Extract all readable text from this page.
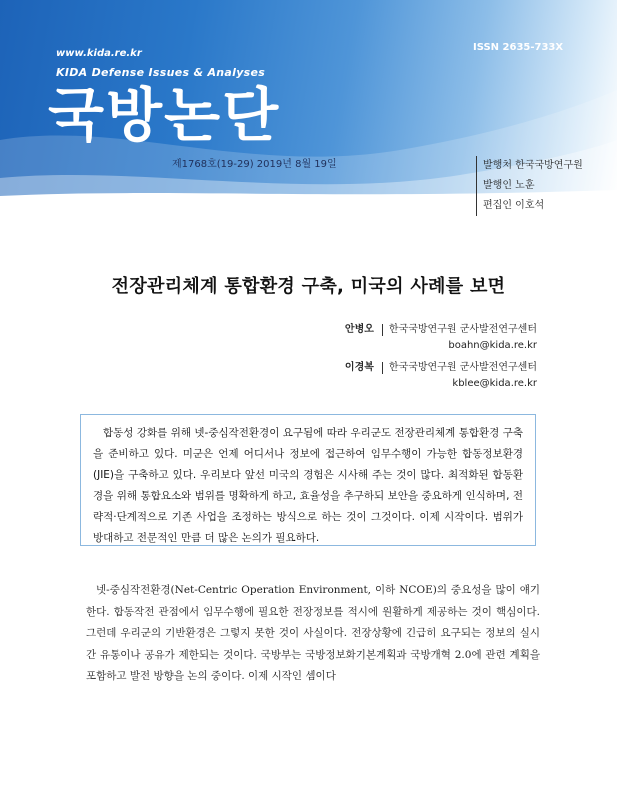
www.kida.re.kr
KIDA Defense Issues & Analyses
국방논단
ISSN 2635-733X
제1768호(19-29) 2019년 8월 19일	발행처 한국국방연구원
발행인 노훈
편집인 이호석
전장관리체계 통합환경 구축, 미국의 사례를 보면
안병오 한국국방연구원 군사발전연구센터
boahn@kida.re.kr
이경복 한국국방연구원 군사발전연구센터
kblee@kida.re.kr

합동성 강화를 위해 넷-중심작전환경이 요구됨에 따라 우리군도 전장관리체계 통합환경 구축을 준비하고 있다. 미군은 언제 어디서나 정보에 접근하여 임무수행이 가능한 합동정보환경(JIE)을 구축하고 있다. 우리보다 앞선 미국의 경험은 시사해 주는 것이 많다. 최적화된 합동환경을 위해 통합요소와 범위를 명확하게 하고, 효율성을 추구하되 보안을 중요하게 인식하며, 전략적·단계적으로 기존 사업을 조정하는 방식으로 하는 것이 그것이다. 이제 시작이다. 범위가 방대하고 전문적인 만큼 더 많은 논의가 필요하다.

넷-중심작전환경(Net-Centric Operation Environment, 이하 NCOE)의 중요성을 많이 얘기한다. 합동작전 관점에서 임무수행에 필요한 전장정보를 적시에 원활하게 제공하는 것이 핵심이다. 그런데 우리군의 기반환경은 그렇지 못한 것이 사실이다. 전장상황에 긴급히 요구되는 정보의 실시간 유통이나 공유가 제한되는 것이다. 국방부는 국방정보화기본계획과 국방개혁 2.0에 관련 계획을 포함하고 발전 방향을 논의 중이다. 이제 시작인 셈이다
